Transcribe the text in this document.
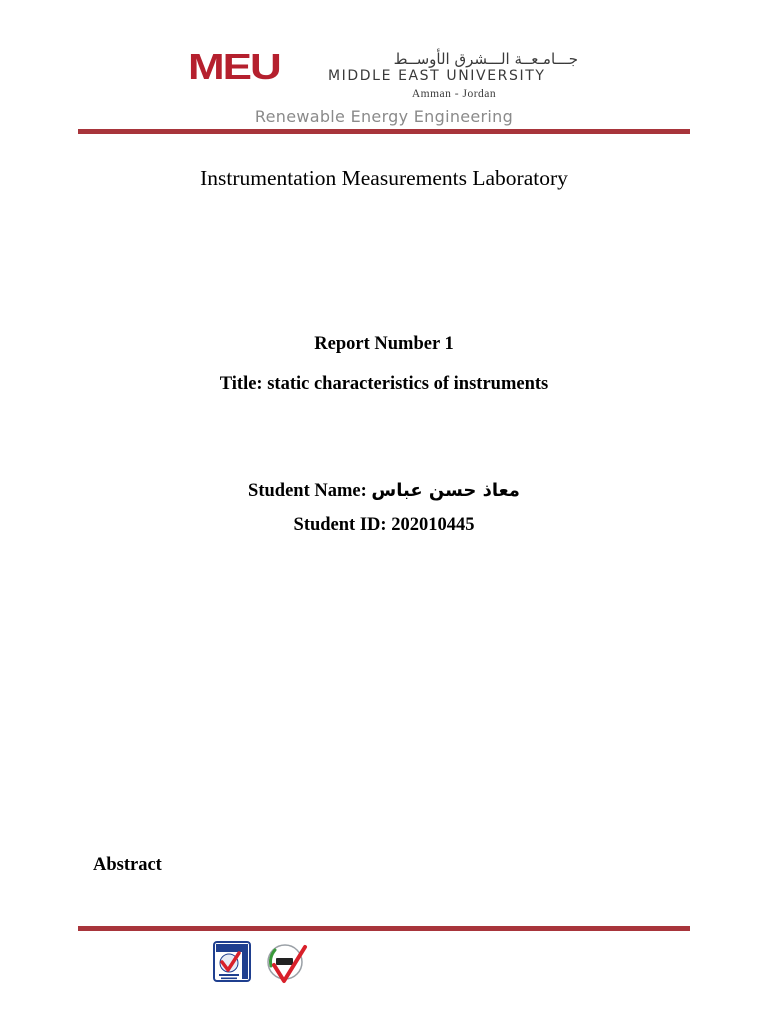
MEU	جـــامـعــة الـــشرق الأوســط
MIDDLE EAST UNIVERSITY
Amman - Jordan
Renewable Energy Engineering
Instrumentation Measurements Laboratory
Report Number 1
Title: static characteristics of instruments
Student Name: معاذ حسن عباس
Student ID: 202010445
Abstract
